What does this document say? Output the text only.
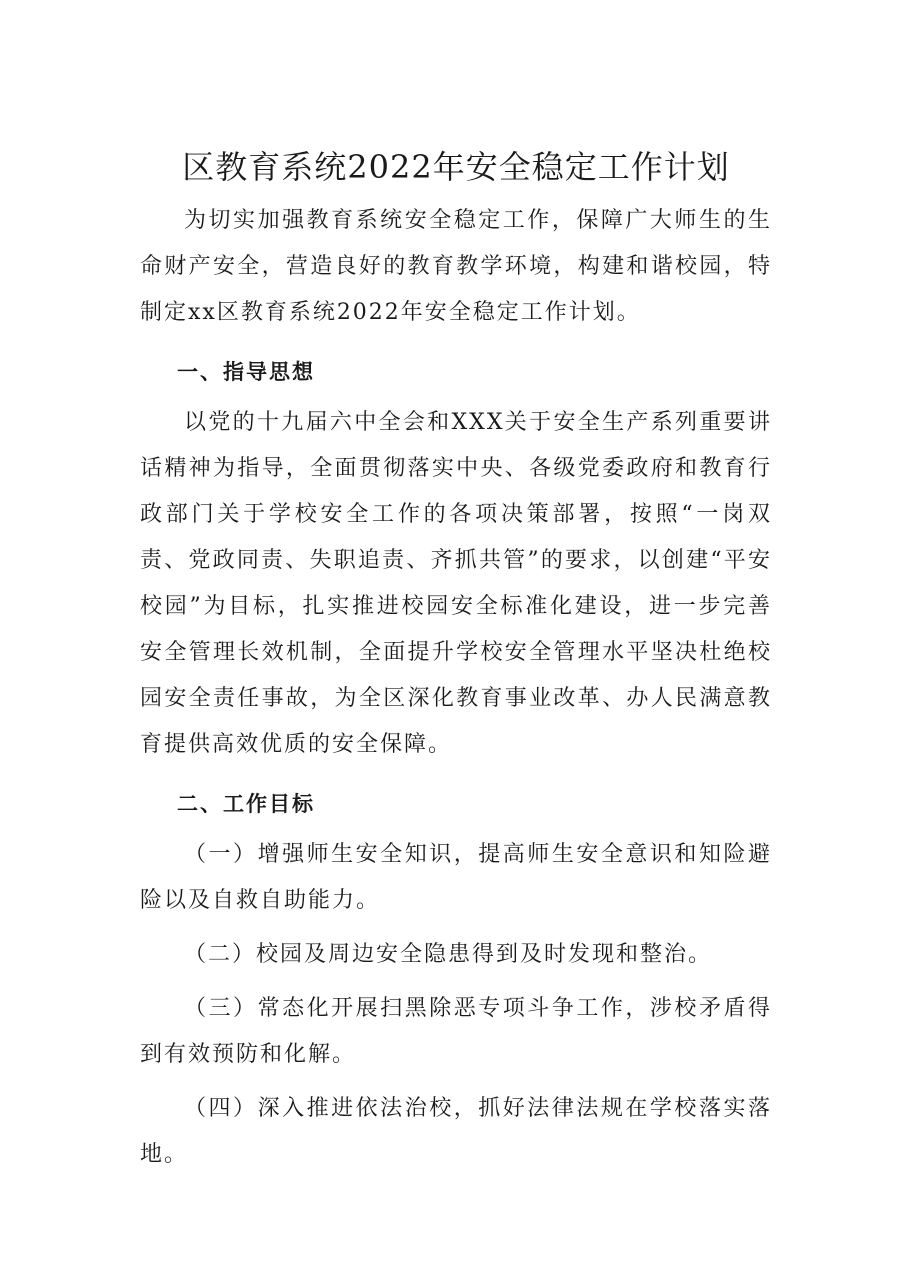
区教育系统2022年安全稳定工作计划

为切实加强教育系统安全稳定工作，保障广大师生的生命财产安全，营造良好的教育教学环境，构建和谐校园，特制定xx区教育系统2022年安全稳定工作计划。

一、指导思想

以党的十九届六中全会和XXX关于安全生产系列重要讲话精神为指导，全面贯彻落实中央、各级党委政府和教育行政部门关于学校安全工作的各项决策部署，按照“一岗双责、党政同责、失职追责、齐抓共管”的要求，以创建“平安校园”为目标，扎实推进校园安全标准化建设，进一步完善安全管理长效机制，全面提升学校安全管理水平坚决杜绝校园安全责任事故，为全区深化教育事业改革、办人民满意教育提供高效优质的安全保障。

二、工作目标

（一）增强师生安全知识，提高师生安全意识和知险避险以及自救自助能力。

（二）校园及周边安全隐患得到及时发现和整治。

（三）常态化开展扫黑除恶专项斗争工作，涉校矛盾得到有效预防和化解。

（四）深入推进依法治校，抓好法律法规在学校落实落地。
